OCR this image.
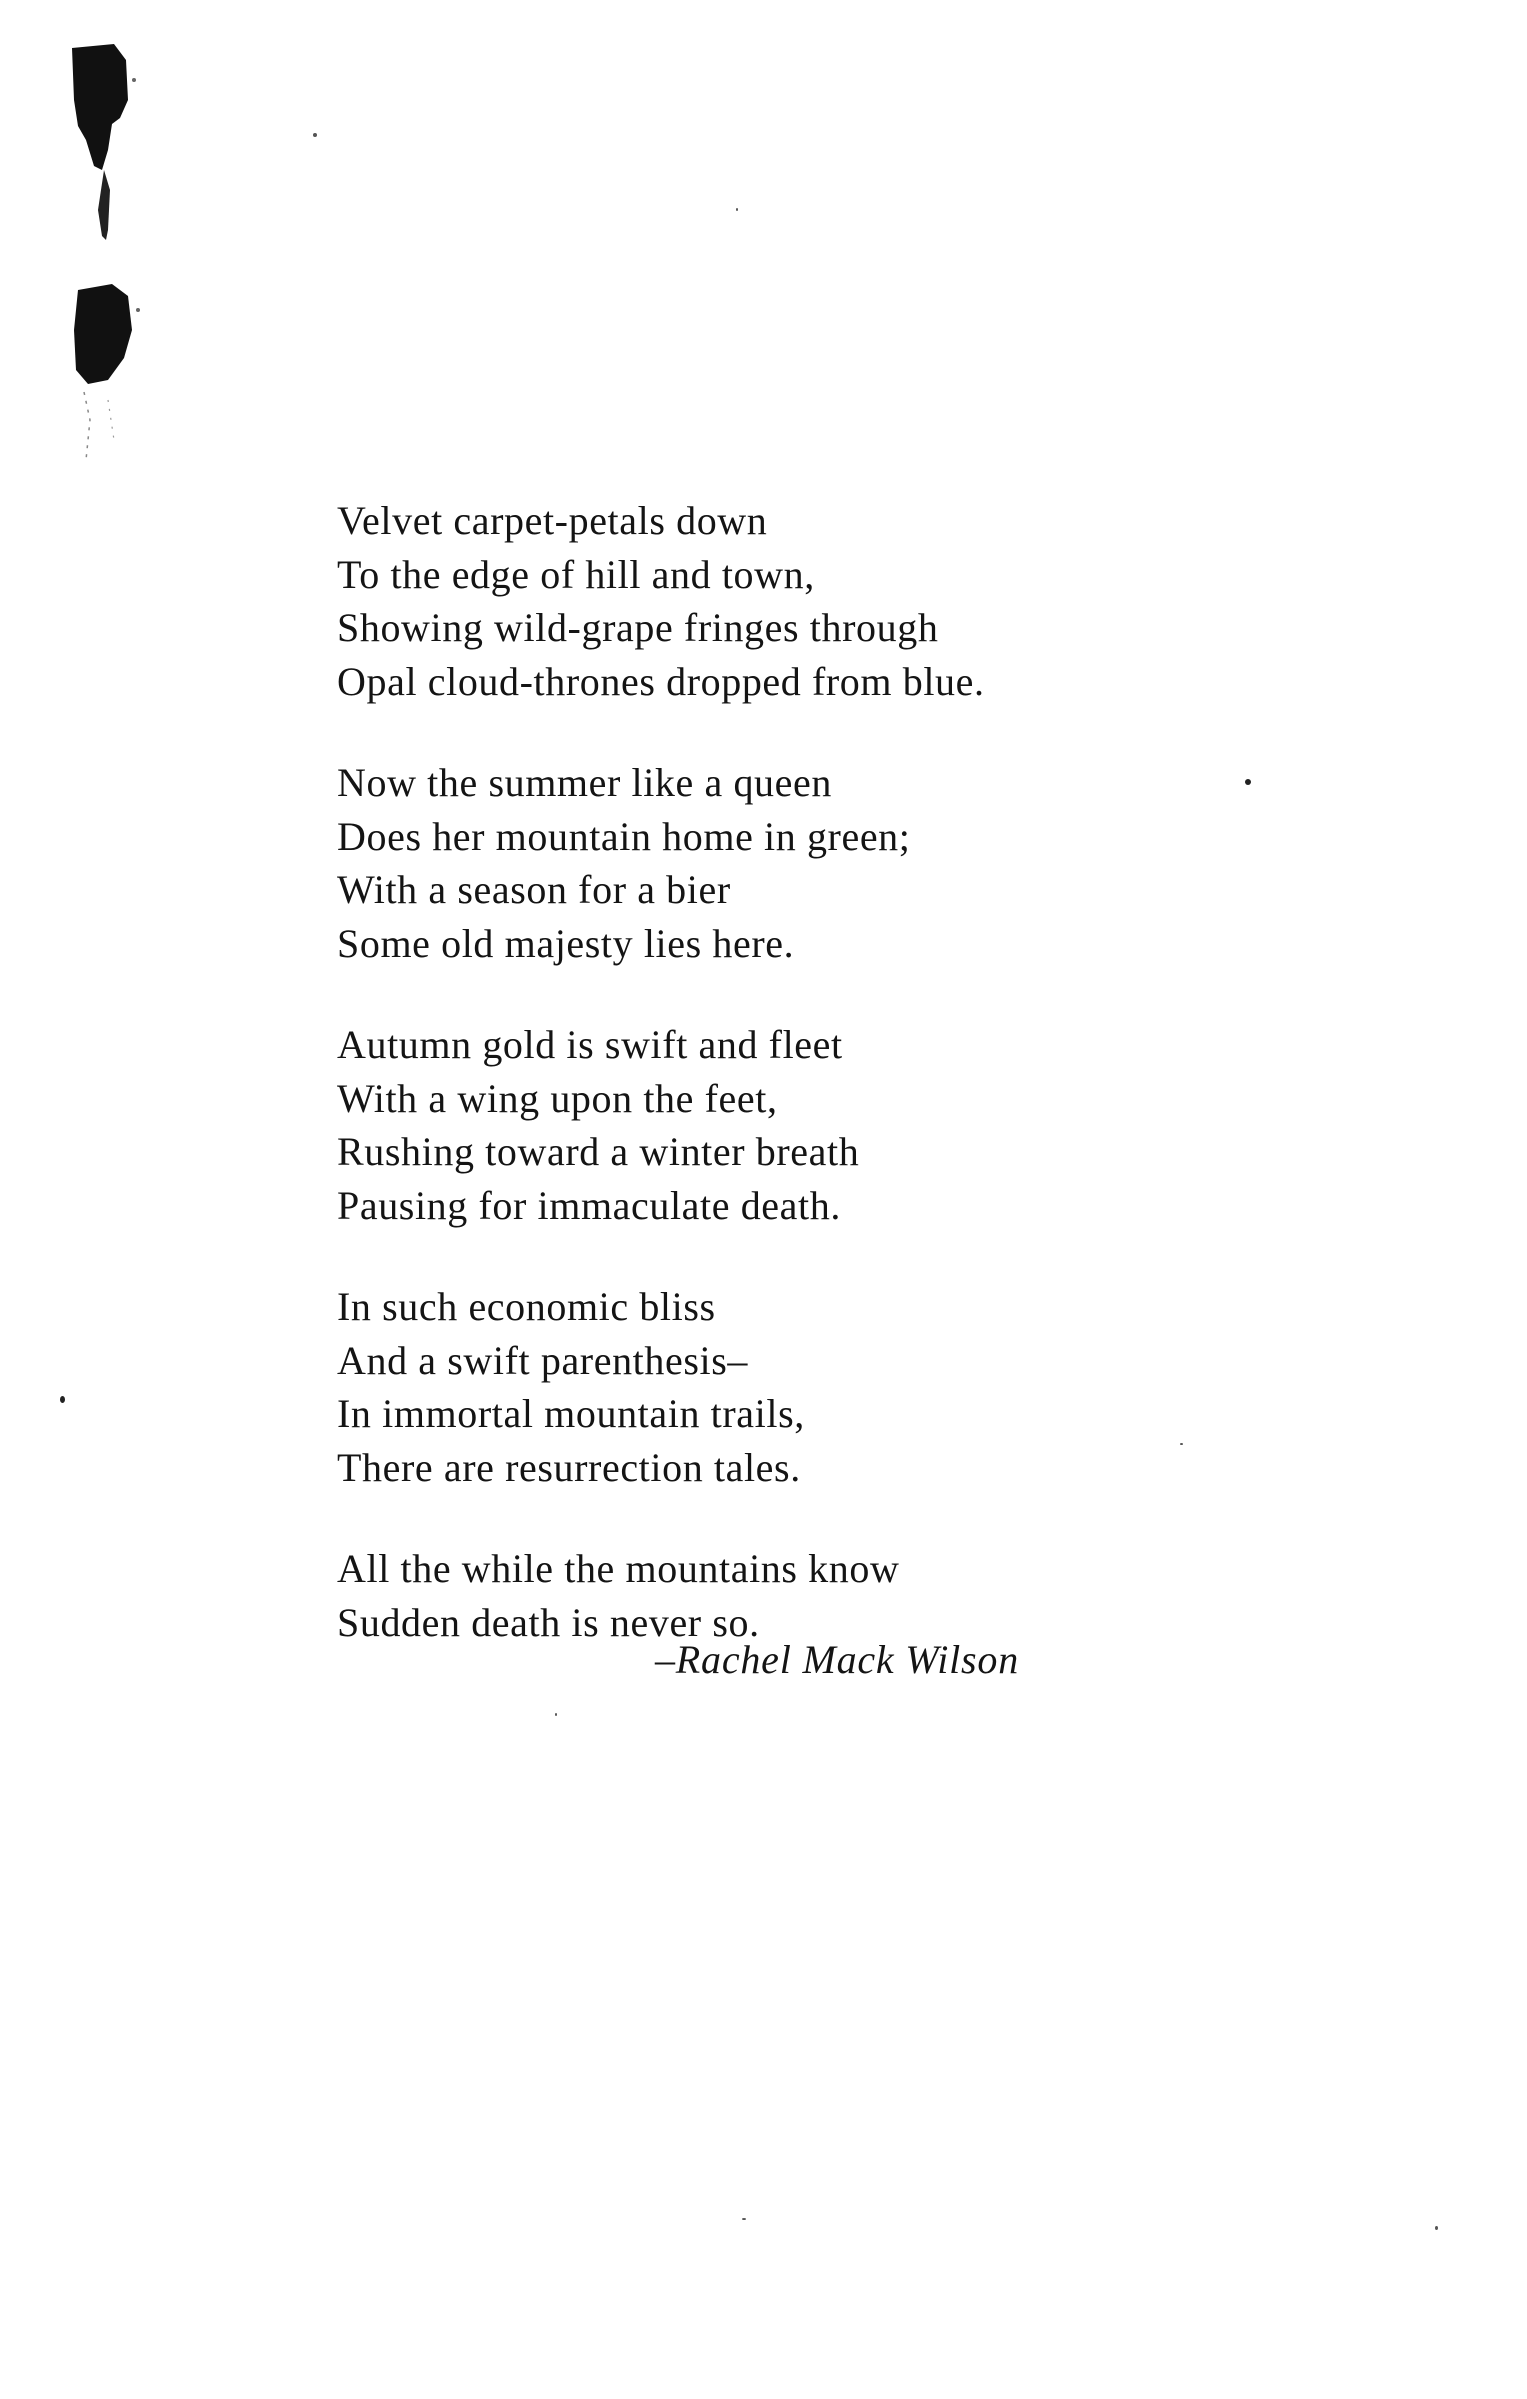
Velvet carpet-petals down
To the edge of hill and town,
Showing wild-grape fringes through
Opal cloud-thrones dropped from blue.
Now the summer like a queen
Does her mountain home in green;
With a season for a bier
Some old majesty lies here.
Autumn gold is swift and fleet
With a wing upon the feet,
Rushing toward a winter breath
Pausing for immaculate death.
In such economic bliss
And a swift parenthesis–
In immortal mountain trails,
There are resurrection tales.
All the while the mountains know
Sudden death is never so.
–Rachel Mack Wilson
